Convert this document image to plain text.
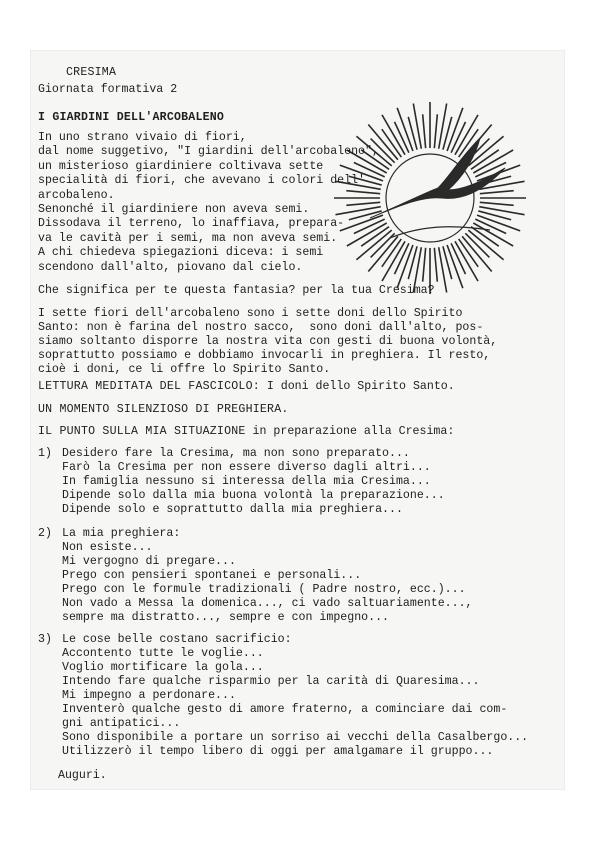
CRESIMA
Giornata formativa 2
I GIARDINI DELL'ARCOBALENO
In uno strano vivaio di fiori,
dal nome suggetivo, "I giardini dell'arcobaleno",
un misterioso giardiniere coltivava sette
specialità di fiori, che avevano i colori dell'
arcobaleno.
Senonché il giardiniere non aveva semi.
Dissodava il terreno, lo inaffiava, prepara-
va le cavità per i semi, ma non aveva semi.
A chi chiedeva spiegazioni diceva: i semi
scendono dall'alto, piovano dal cielo.
Che significa per te questa fantasia? per la tua Cresima?
I sette fiori dell'arcobaleno sono i sette doni dello Spirito
Santo: non è farina del nostro sacco,  sono doni dall'alto, pos-
siamo soltanto disporre la nostra vita con gesti di buona volontà,
soprattutto possiamo e dobbiamo invocarli in preghiera. Il resto,
cioè i doni, ce li offre lo Spirito Santo.
LETTURA MEDITATA DEL FASCICOLO: I doni dello Spirito Santo.
UN MOMENTO SILENZIOSO DI PREGHIERA.
IL PUNTO SULLA MIA SITUAZIONE in preparazione alla Cresima:
1) Desidero fare la Cresima, ma non sono preparato...
Farò la Cresima per non essere diverso dagli altri...
In famiglia nessuno si interessa della mia Cresima...
Dipende solo dalla mia buona volontà la preparazione...
Dipende solo e soprattutto dalla mia preghiera...
2) La mia preghiera:
Non esiste...
Mi vergogno di pregare...
Prego con pensieri spontanei e personali...
Prego con le formule tradizionali ( Padre nostro, ecc.)...
Non vado a Messa la domenica..., ci vado saltuariamente...,
sempre ma distratto..., sempre e con impegno...
3) Le cose belle costano sacrificio:
Accontento tutte le voglie...
Voglio mortificare la gola...
Intendo fare qualche risparmio per la carità di Quaresima...
Mi impegno a perdonare...
Inventerò qualche gesto di amore fraterno, a cominciare dai com-
gni antipatici...
Sono disponibile a portare un sorriso ai vecchi della Casalbergo...
Utilizzerò il tempo libero di oggi per amalgamare il gruppo...
Auguri.
